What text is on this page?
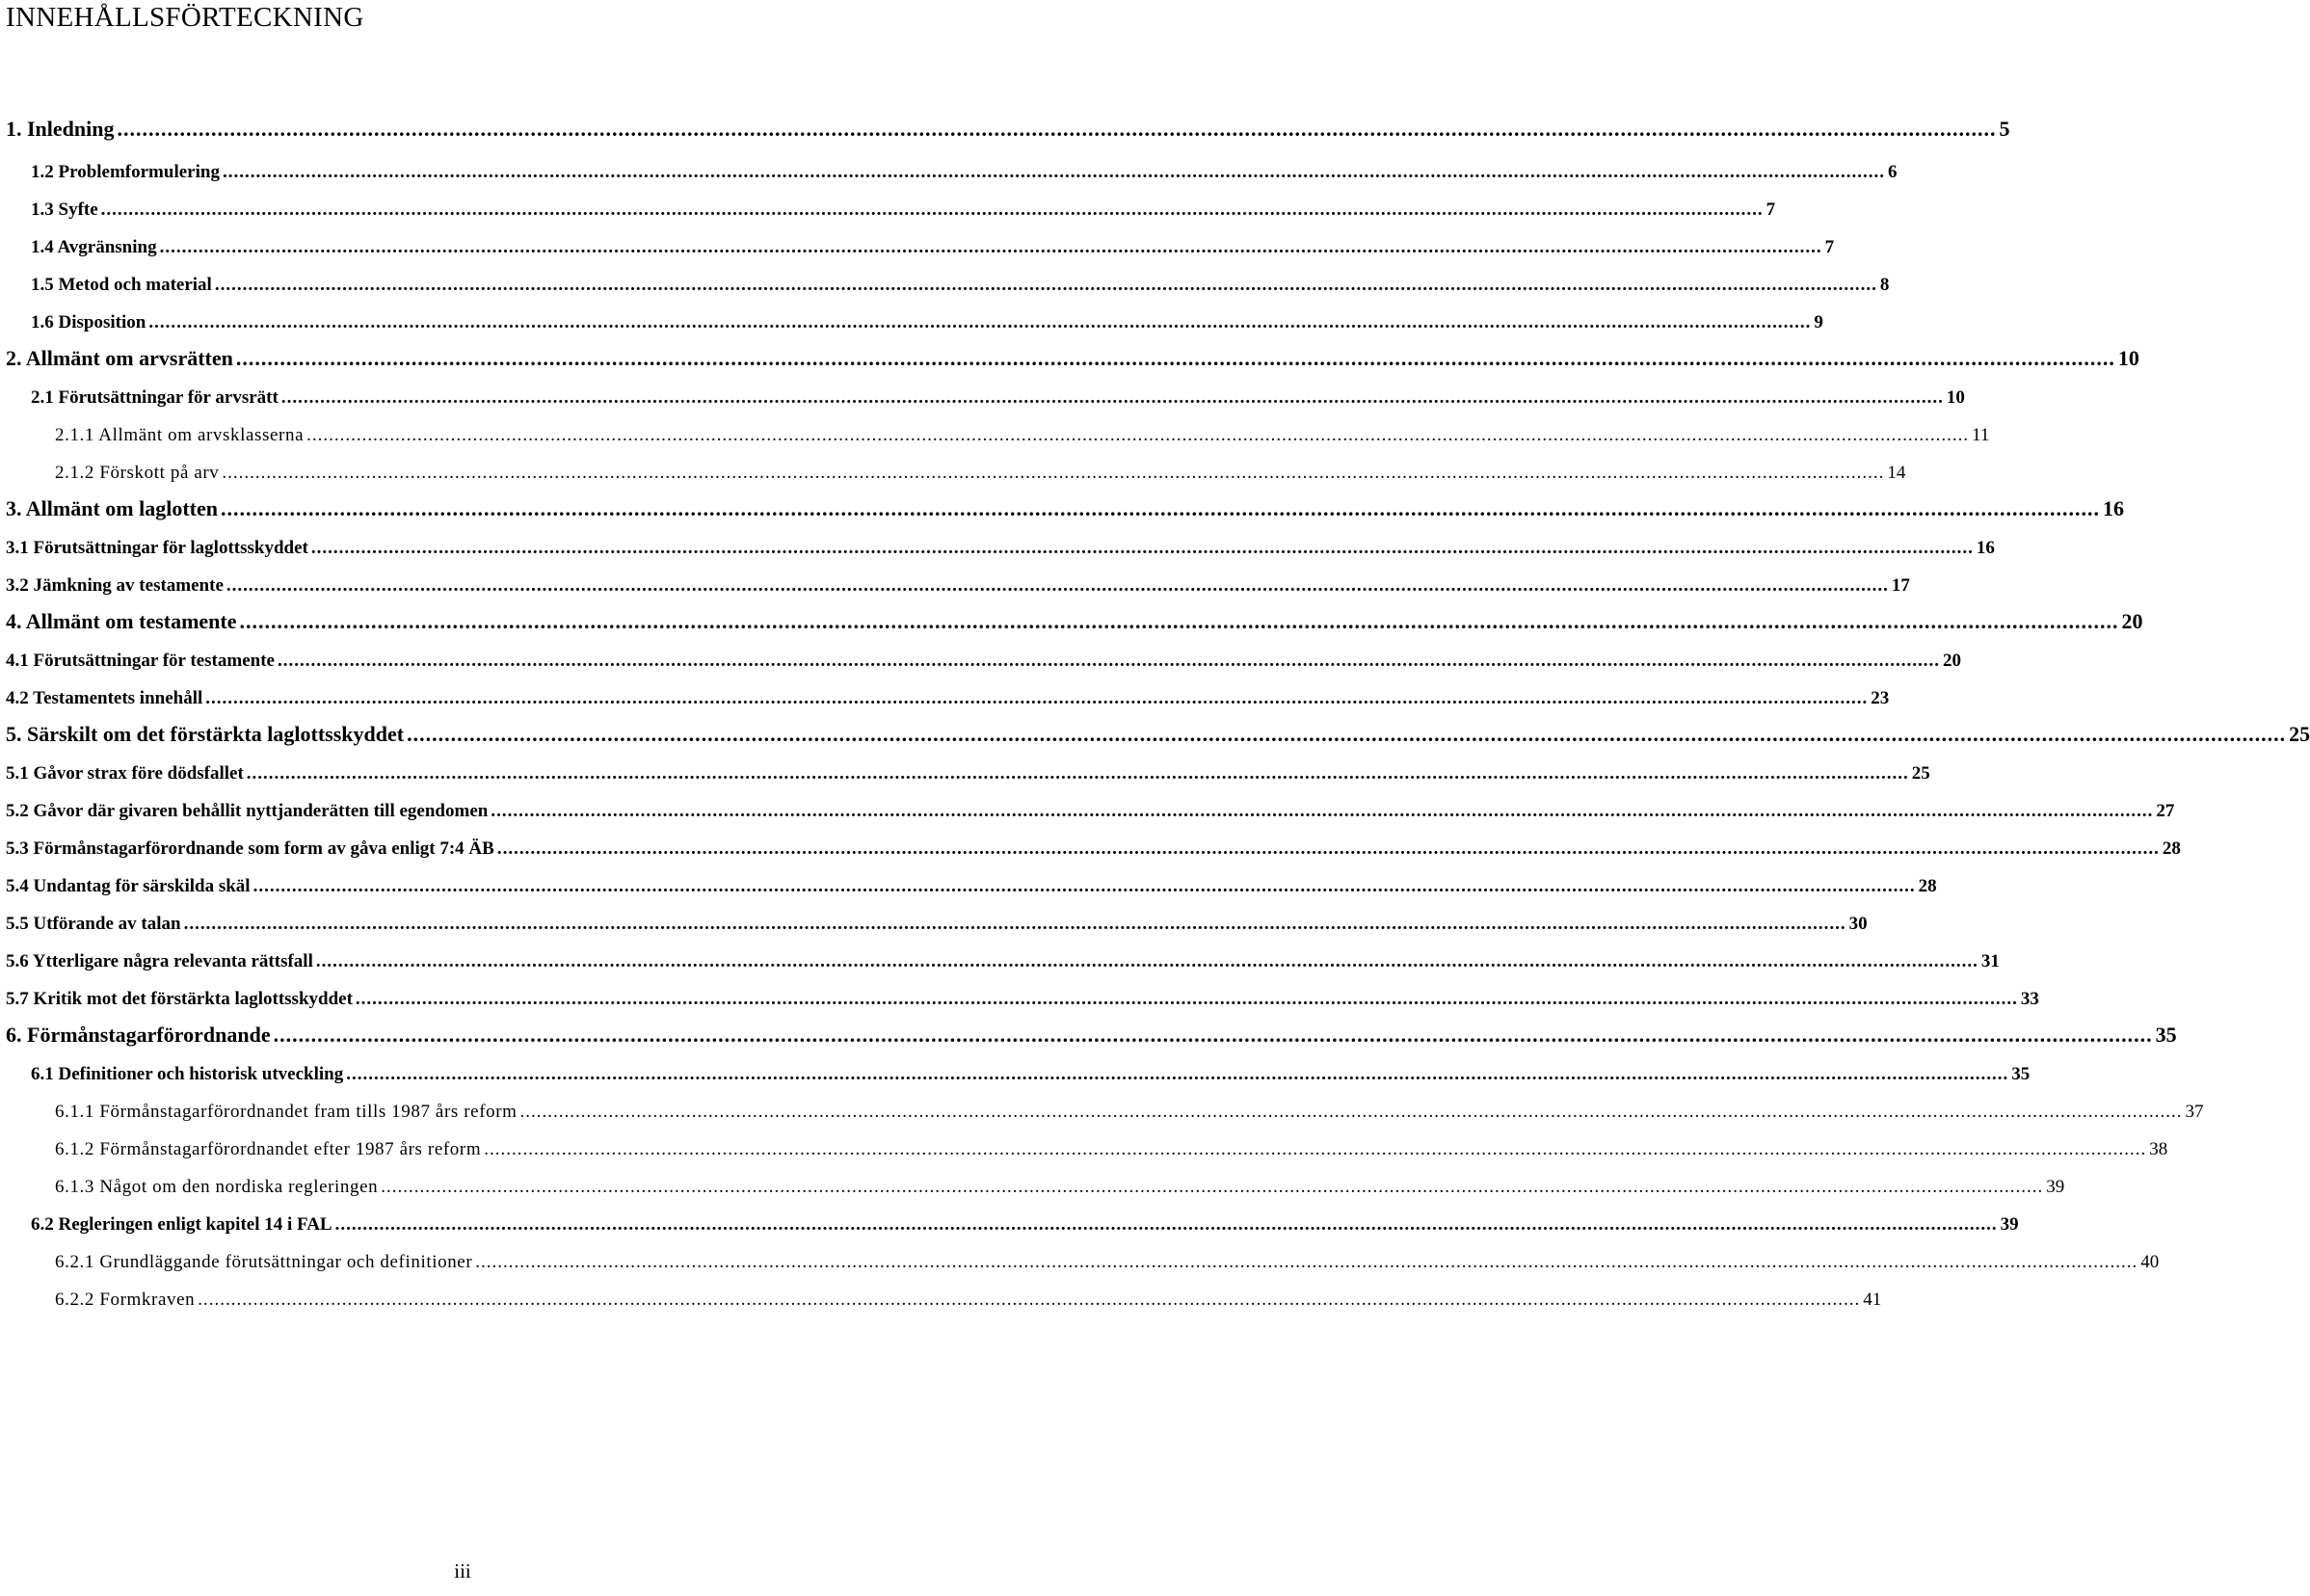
INNEHÅLLSFÖRTECKNING
1. Inledning ............................................................................................................................................................................................................................................................................................................ 5
1.2 Problemformulering ............................................................................................................................................................................................................................................................................................................ 6
1.3 Syfte ............................................................................................................................................................................................................................................................................................................ 7
1.4 Avgränsning ............................................................................................................................................................................................................................................................................................................ 7
1.5 Metod och material ............................................................................................................................................................................................................................................................................................................ 8
1.6 Disposition ............................................................................................................................................................................................................................................................................................................ 9
2. Allmänt om arvsrätten ............................................................................................................................................................................................................................................................................................................ 10
2.1 Förutsättningar för arvsrätt ............................................................................................................................................................................................................................................................................................................ 10
2.1.1 Allmänt om arvsklasserna ............................................................................................................................................................................................................................................................................................................ 11
2.1.2 Förskott på arv ............................................................................................................................................................................................................................................................................................................ 14
3. Allmänt om laglotten ............................................................................................................................................................................................................................................................................................................ 16
3.1 Förutsättningar för laglottsskyddet ............................................................................................................................................................................................................................................................................................................ 16
3.2 Jämkning av testamente ............................................................................................................................................................................................................................................................................................................ 17
4. Allmänt om testamente ............................................................................................................................................................................................................................................................................................................ 20
4.1 Förutsättningar för testamente ............................................................................................................................................................................................................................................................................................................ 20
4.2 Testamentets innehåll ............................................................................................................................................................................................................................................................................................................ 23
5. Särskilt om det förstärkta laglottsskyddet ............................................................................................................................................................................................................................................................................................................ 25
5.1 Gåvor strax före dödsfallet ............................................................................................................................................................................................................................................................................................................ 25
5.2 Gåvor där givaren behållit nyttjanderätten till egendomen ............................................................................................................................................................................................................................................................................................................ 27
5.3 Förmånstagarförordnande som form av gåva enligt 7:4 ÄB ............................................................................................................................................................................................................................................................................................................ 28
5.4 Undantag för särskilda skäl ............................................................................................................................................................................................................................................................................................................ 28
5.5 Utförande av talan ............................................................................................................................................................................................................................................................................................................ 30
5.6 Ytterligare några relevanta rättsfall ............................................................................................................................................................................................................................................................................................................ 31
5.7 Kritik mot det förstärkta laglottsskyddet ............................................................................................................................................................................................................................................................................................................ 33
6. Förmånstagarförordnande ............................................................................................................................................................................................................................................................................................................ 35
6.1 Definitioner och historisk utveckling ............................................................................................................................................................................................................................................................................................................ 35
6.1.1 Förmånstagarförordnandet fram tills 1987 års reform ............................................................................................................................................................................................................................................................................................................ 37
6.1.2 Förmånstagarförordnandet efter 1987 års reform ............................................................................................................................................................................................................................................................................................................ 38
6.1.3 Något om den nordiska regleringen ............................................................................................................................................................................................................................................................................................................ 39
6.2 Regleringen enligt kapitel 14 i FAL ............................................................................................................................................................................................................................................................................................................ 39
6.2.1 Grundläggande förutsättningar och definitioner ............................................................................................................................................................................................................................................................................................................ 40
6.2.2 Formkraven ............................................................................................................................................................................................................................................................................................................ 41
iii
